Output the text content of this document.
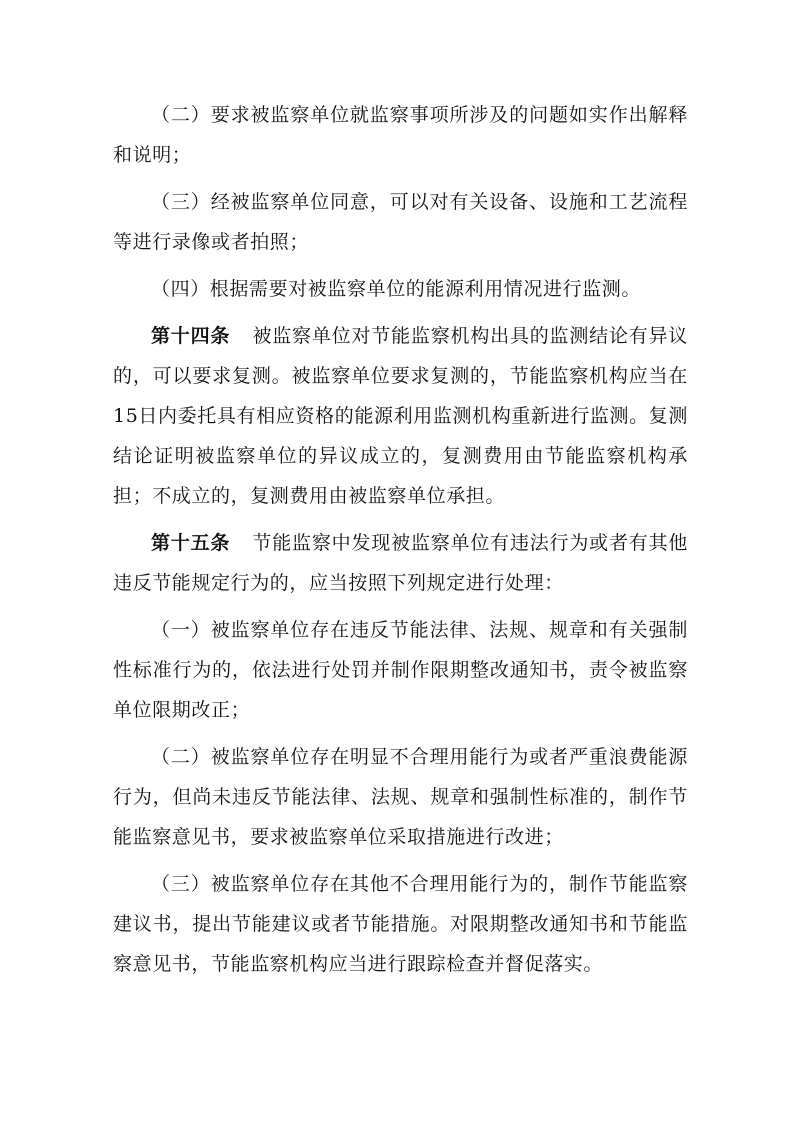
（二）要求被监察单位就监察事项所涉及的问题如实作出解释和说明；

（三）经被监察单位同意，可以对有关设备、设施和工艺流程等进行录像或者拍照；

（四）根据需要对被监察单位的能源利用情况进行监测。

第十四条 被监察单位对节能监察机构出具的监测结论有异议的，可以要求复测。被监察单位要求复测的，节能监察机构应当在15日内委托具有相应资格的能源利用监测机构重新进行监测。复测结论证明被监察单位的异议成立的，复测费用由节能监察机构承担；不成立的，复测费用由被监察单位承担。

第十五条 节能监察中发现被监察单位有违法行为或者有其他违反节能规定行为的，应当按照下列规定进行处理：

（一）被监察单位存在违反节能法律、法规、规章和有关强制性标准行为的，依法进行处罚并制作限期整改通知书，责令被监察单位限期改正；

（二）被监察单位存在明显不合理用能行为或者严重浪费能源行为，但尚未违反节能法律、法规、规章和强制性标准的，制作节能监察意见书，要求被监察单位采取措施进行改进；

（三）被监察单位存在其他不合理用能行为的，制作节能监察建议书，提出节能建议或者节能措施。对限期整改通知书和节能监察意见书，节能监察机构应当进行跟踪检查并督促落实。
